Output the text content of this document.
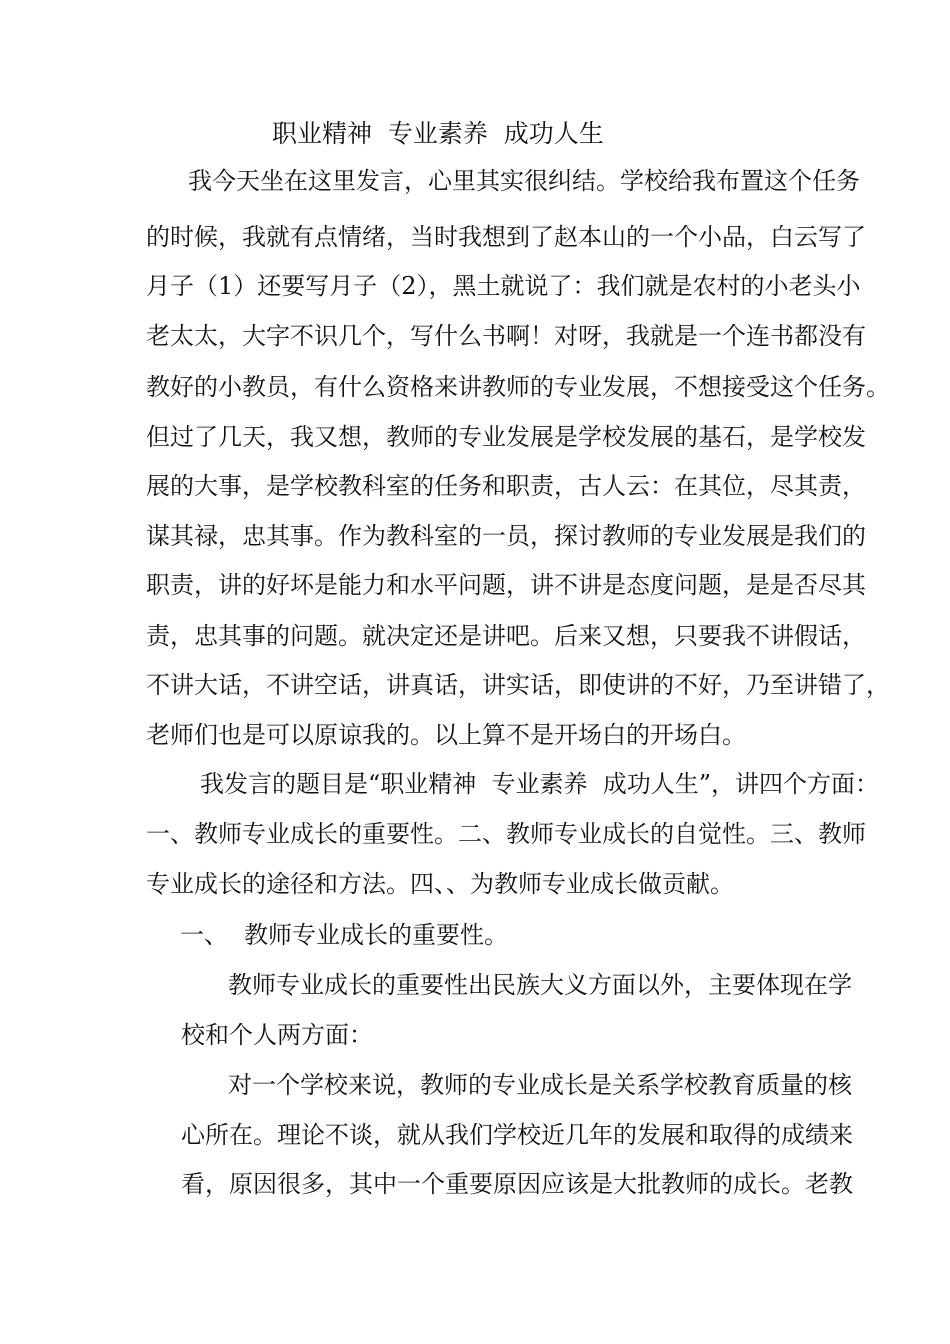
职业精神  专业素养  成功人生
我今天坐在这里发言，心里其实很纠结。学校给我布置这个任务
的时候，我就有点情绪，当时我想到了赵本山的一个小品，白云写了
月子（1）还要写月子（2），黑土就说了：我们就是农村的小老头小
老太太，大字不识几个，写什么书啊！对呀，我就是一个连书都没有
教好的小教员，有什么资格来讲教师的专业发展，不想接受这个任务。
但过了几天，我又想，教师的专业发展是学校发展的基石，是学校发
展的大事，是学校教科室的任务和职责，古人云：在其位，尽其责，
谋其禄，忠其事。作为教科室的一员，探讨教师的专业发展是我们的
职责，讲的好坏是能力和水平问题，讲不讲是态度问题，是是否尽其
责，忠其事的问题。就决定还是讲吧。后来又想，只要我不讲假话，
不讲大话，不讲空话，讲真话，讲实话，即使讲的不好，乃至讲错了，
老师们也是可以原谅我的。以上算不是开场白的开场白。
我发言的题目是“职业精神  专业素养  成功人生”，讲四个方面：
一、教师专业成长的重要性。二、教师专业成长的自觉性。三、教师
专业成长的途径和方法。四、、为教师专业成长做贡献。
一、 教师专业成长的重要性。
教师专业成长的重要性出民族大义方面以外，主要体现在学
校和个人两方面：
对一个学校来说，教师的专业成长是关系学校教育质量的核
心所在。理论不谈，就从我们学校近几年的发展和取得的成绩来
看，原因很多，其中一个重要原因应该是大批教师的成长。老教
